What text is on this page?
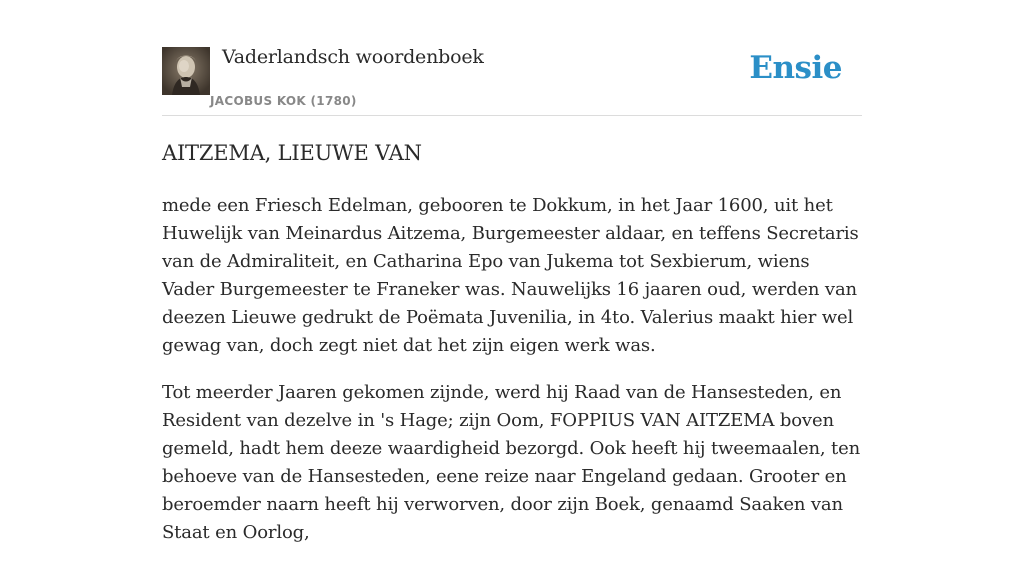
Vaderlandsch woordenboek
JACOBUS KOK (1780)
Ensie
AITZEMA, LIEUWE VAN

mede een Friesch Edelman, gebooren te Dokkum, in het Jaar 1600, uit het Huwelijk van Meinardus Aitzema, Burgemeester aldaar, en teffens Secretaris van de Admiraliteit, en Catharina Epo van Jukema tot Sexbierum, wiens Vader Burgemeester te Franeker was. Nauwelijks 16 jaaren oud, werden van deezen Lieuwe gedrukt de Poëmata Juvenilia, in 4to. Valerius maakt hier wel gewag van, doch zegt niet dat het zijn eigen werk was.

Tot meerder Jaaren gekomen zijnde, werd hij Raad van de Hansesteden, en Resident van dezelve in 's Hage; zijn Oom, FOPPIUS VAN AITZEMA boven gemeld, hadt hem deeze waardigheid bezorgd. Ook heeft hij tweemaalen, ten behoeve van de Hansesteden, eene reize naar Engeland gedaan. Grooter en beroemder naarn heeft hij verworven, door zijn Boek, genaamd Saaken van Staat en Oorlog,
